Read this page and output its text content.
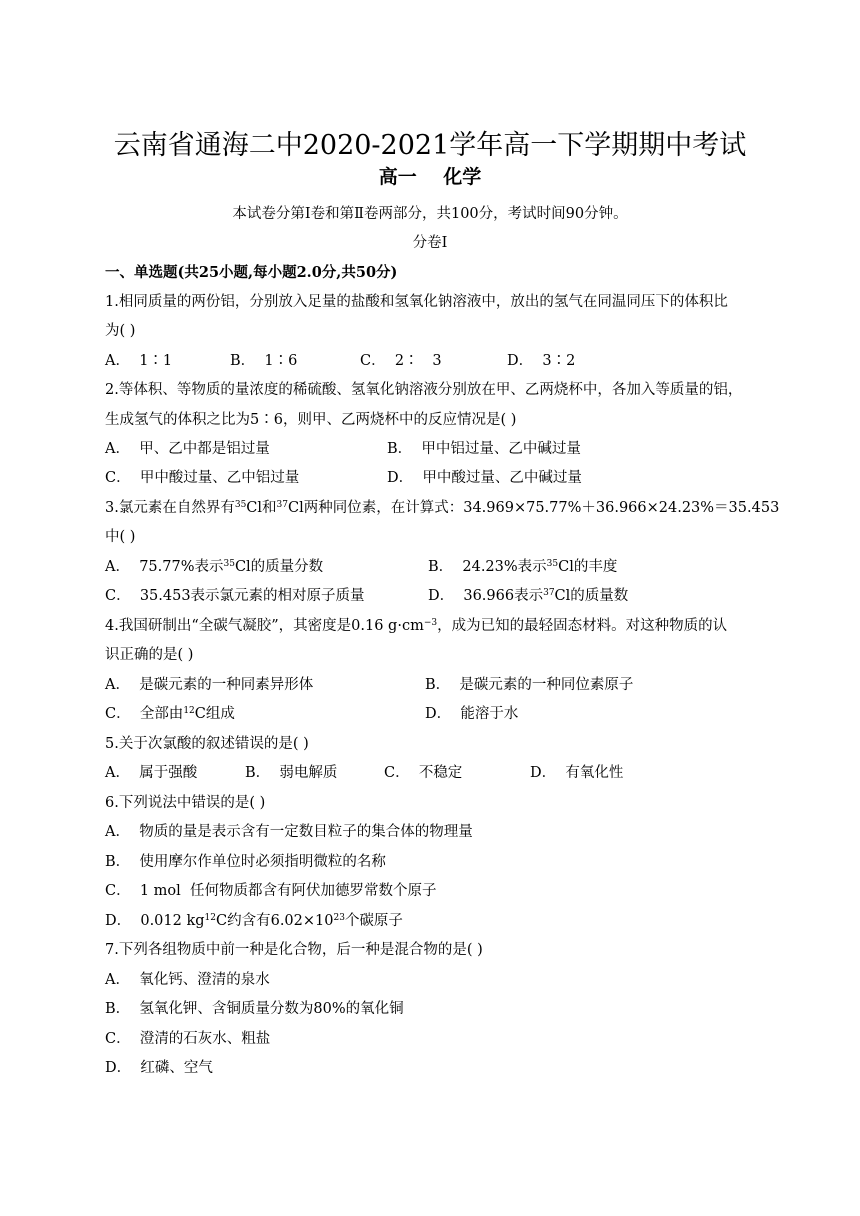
云南省通海二中2020-2021学年高一下学期期中考试
高一    化学
本试卷分第Ⅰ卷和第Ⅱ卷两部分，共100分，考试时间90分钟。
分卷I
一、单选题(共25小题,每小题2.0分,共50分)
1.相同质量的两份铝，分别放入足量的盐酸和氢氧化钠溶液中，放出的氢气在同温同压下的体积比
为( )
A．  1∶1	B．  1∶6	C．  2∶   3	D．  3∶2
2.等体积、等物质的量浓度的稀硫酸、氢氧化钠溶液分别放在甲、乙两烧杯中，各加入等质量的铝，
生成氢气的体积之比为5∶6，则甲、乙两烧杯中的反应情况是( )
A．  甲、乙中都是铝过量	B．  甲中铝过量、乙中碱过量
C．  甲中酸过量、乙中铝过量	D．  甲中酸过量、乙中碱过量
3.氯元素在自然界有$^{35}$Cl和$^{37}$Cl两种同位素，在计算式：34.969×75.77%＋36.966×24.23%＝35.453
中( )
A．  75.77%表示$^{35}$Cl的质量分数	B．  24.23%表示$^{35}$Cl的丰度
C．  35.453表示氯元素的相对原子质量	D．  36.966表示$^{37}$Cl的质量数
4.我国研制出“全碳气凝胶”，其密度是0.16 $g\cdot cm^{-3}$，成为已知的最轻固态材料。对这种物质的认
识正确的是( )
A．  是碳元素的一种同素异形体	B．  是碳元素的一种同位素原子
C．  全部由$^{12}$C组成	D．  能溶于水
5.关于次氯酸的叙述错误的是( )
A．  属于强酸	B．  弱电解质	C．  不稳定	D．  有氧化性
6.下列说法中错误的是( )
A．  物质的量是表示含有一定数目粒子的集合体的物理量
B．  使用摩尔作单位时必须指明微粒的名称
C．  1 mol  任何物质都含有阿伏加德罗常数个原子
D．  0.012 $kg^{12}C$约含有$6.02\times 10^{23}$个碳原子
7.下列各组物质中前一种是化合物，后一种是混合物的是( )
A．  氧化钙、澄清的泉水
B．  氢氧化钾、含铜质量分数为80%的氧化铜
C．  澄清的石灰水、粗盐
D．  红磷、空气
